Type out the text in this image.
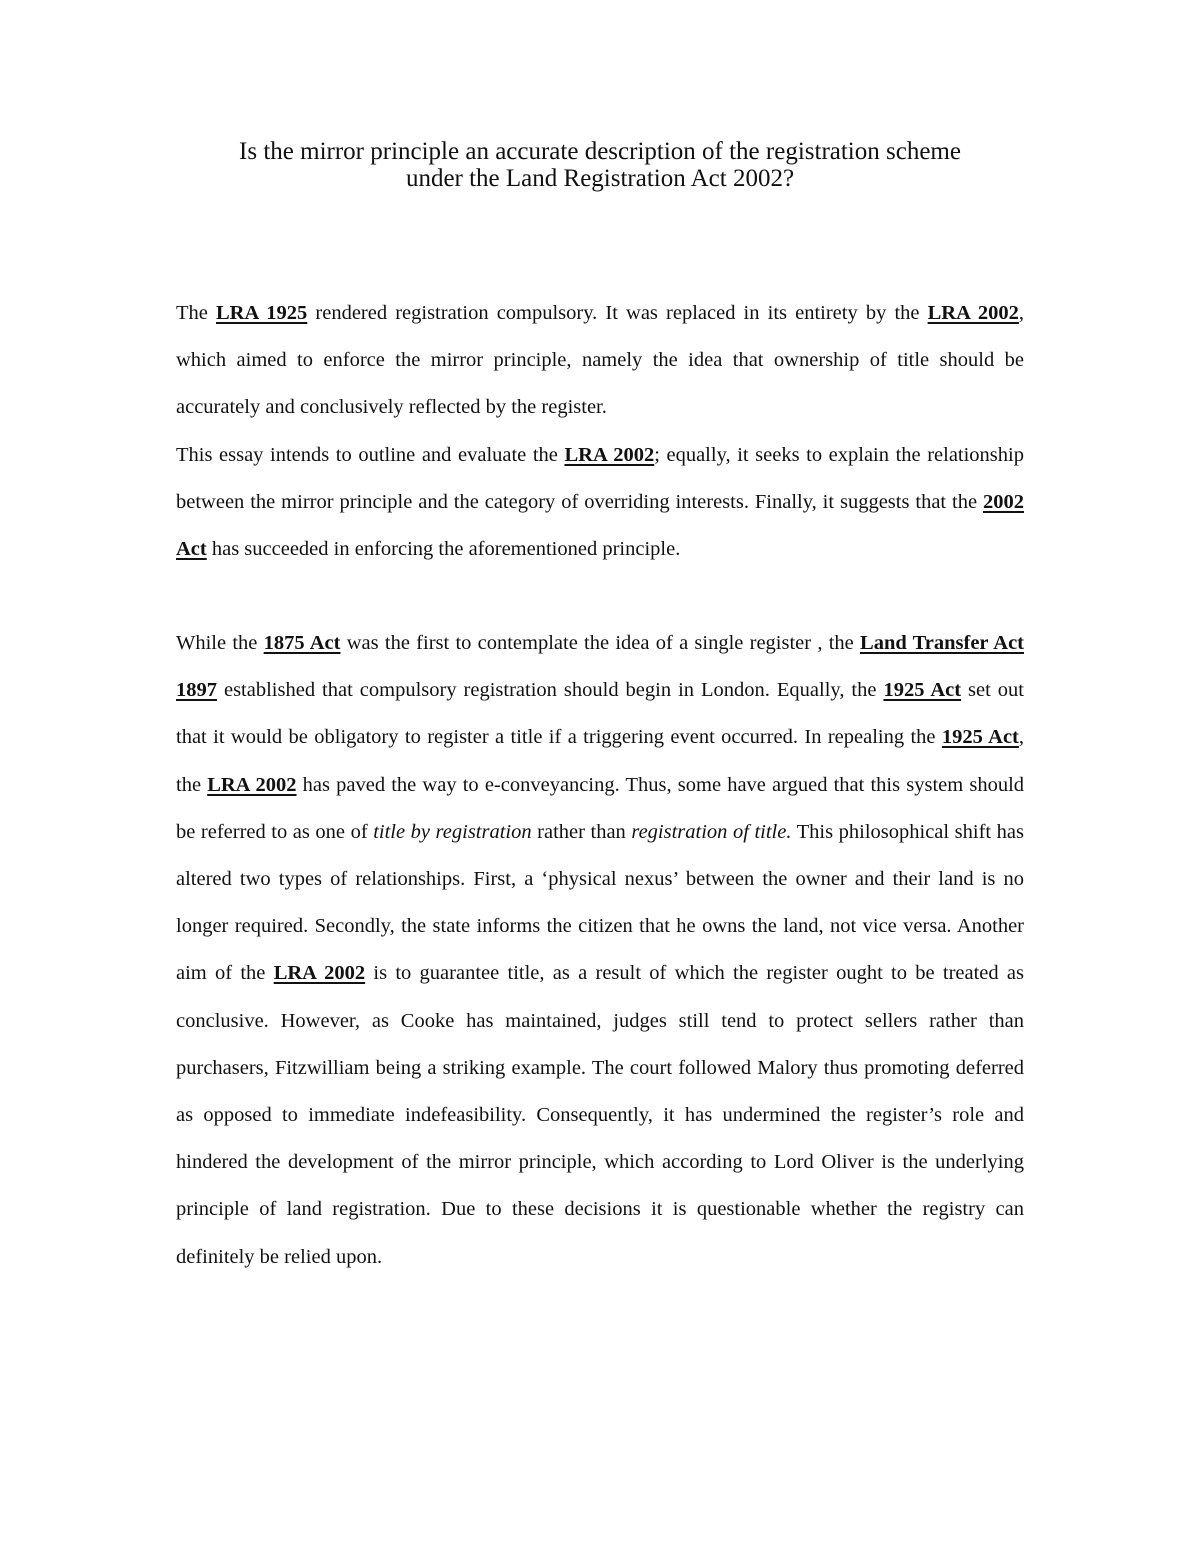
Is the mirror principle an accurate description of the registration scheme
under the Land Registration Act 2002?

The LRA 1925 rendered registration compulsory. It was replaced in its entirety by the LRA 2002, which aimed to enforce the mirror principle, namely the idea that ownership of title should be accurately and conclusively reflected by the register.

This essay intends to outline and evaluate the LRA 2002; equally, it seeks to explain the relationship between the mirror principle and the category of overriding interests. Finally, it suggests that the 2002 Act has succeeded in enforcing the aforementioned principle.

While the 1875 Act was the first to contemplate the idea of a single register , the Land Transfer Act 1897 established that compulsory registration should begin in London. Equally, the 1925 Act set out that it would be obligatory to register a title if a triggering event occurred. In repealing the 1925 Act, the LRA 2002 has paved the way to e-conveyancing. Thus, some have argued that this system should be referred to as one of title by registration rather than registration of title. This philosophical shift has altered two types of relationships. First, a ‘physical nexus’ between the owner and their land is no longer required. Secondly, the state informs the citizen that he owns the land, not vice versa. Another aim of the LRA 2002 is to guarantee title, as a result of which the register ought to be treated as conclusive. However, as Cooke has maintained, judges still tend to protect sellers rather than purchasers, Fitzwilliam being a striking example. The court followed Malory thus promoting deferred as opposed to immediate indefeasibility. Consequently, it has undermined the register’s role and hindered the development of the mirror principle, which according to Lord Oliver is the underlying principle of land registration. Due to these decisions it is questionable whether the registry can definitely be relied upon.
